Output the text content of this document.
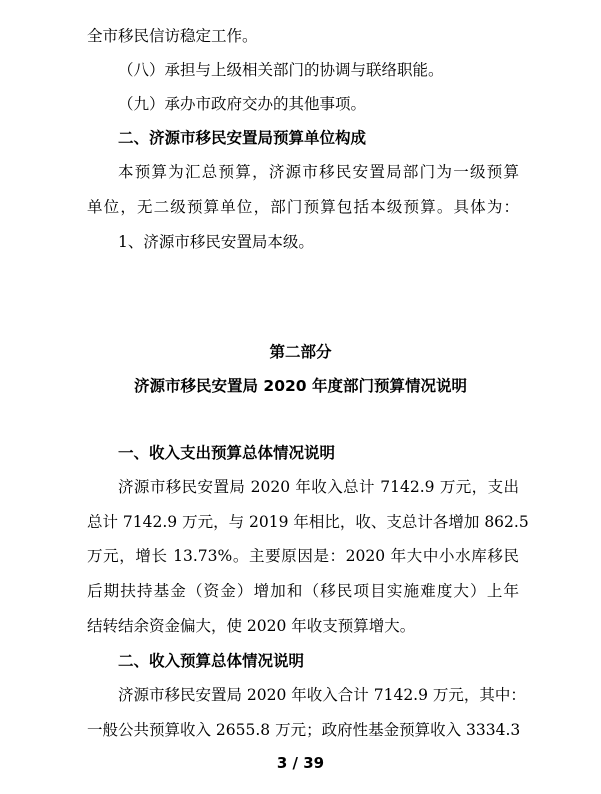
全市移民信访稳定工作。
（八）承担与上级相关部门的协调与联络职能。
（九）承办市政府交办的其他事项。
二、济源市移民安置局预算单位构成
本预算为汇总预算，济源市移民安置局部门为一级预算
单位，无二级预算单位，部门预算包括本级预算。具体为：
1、济源市移民安置局本级。
第二部分
济源市移民安置局 2020 年度部门预算情况说明
一、收入支出预算总体情况说明
济源市移民安置局 2020 年收入总计 7142.9 万元，支出
总计 7142.9 万元，与 2019 年相比，收、支总计各增加 862.5
万元，增长 13.73%。主要原因是：2020 年大中小水库移民
后期扶持基金（资金）增加和（移民项目实施难度大）上年
结转结余资金偏大，使 2020 年收支预算增大。
二、收入预算总体情况说明
济源市移民安置局 2020 年收入合计 7142.9 万元，其中：
一般公共预算收入 2655.8 万元；政府性基金预算收入 3334.3
3 / 39
